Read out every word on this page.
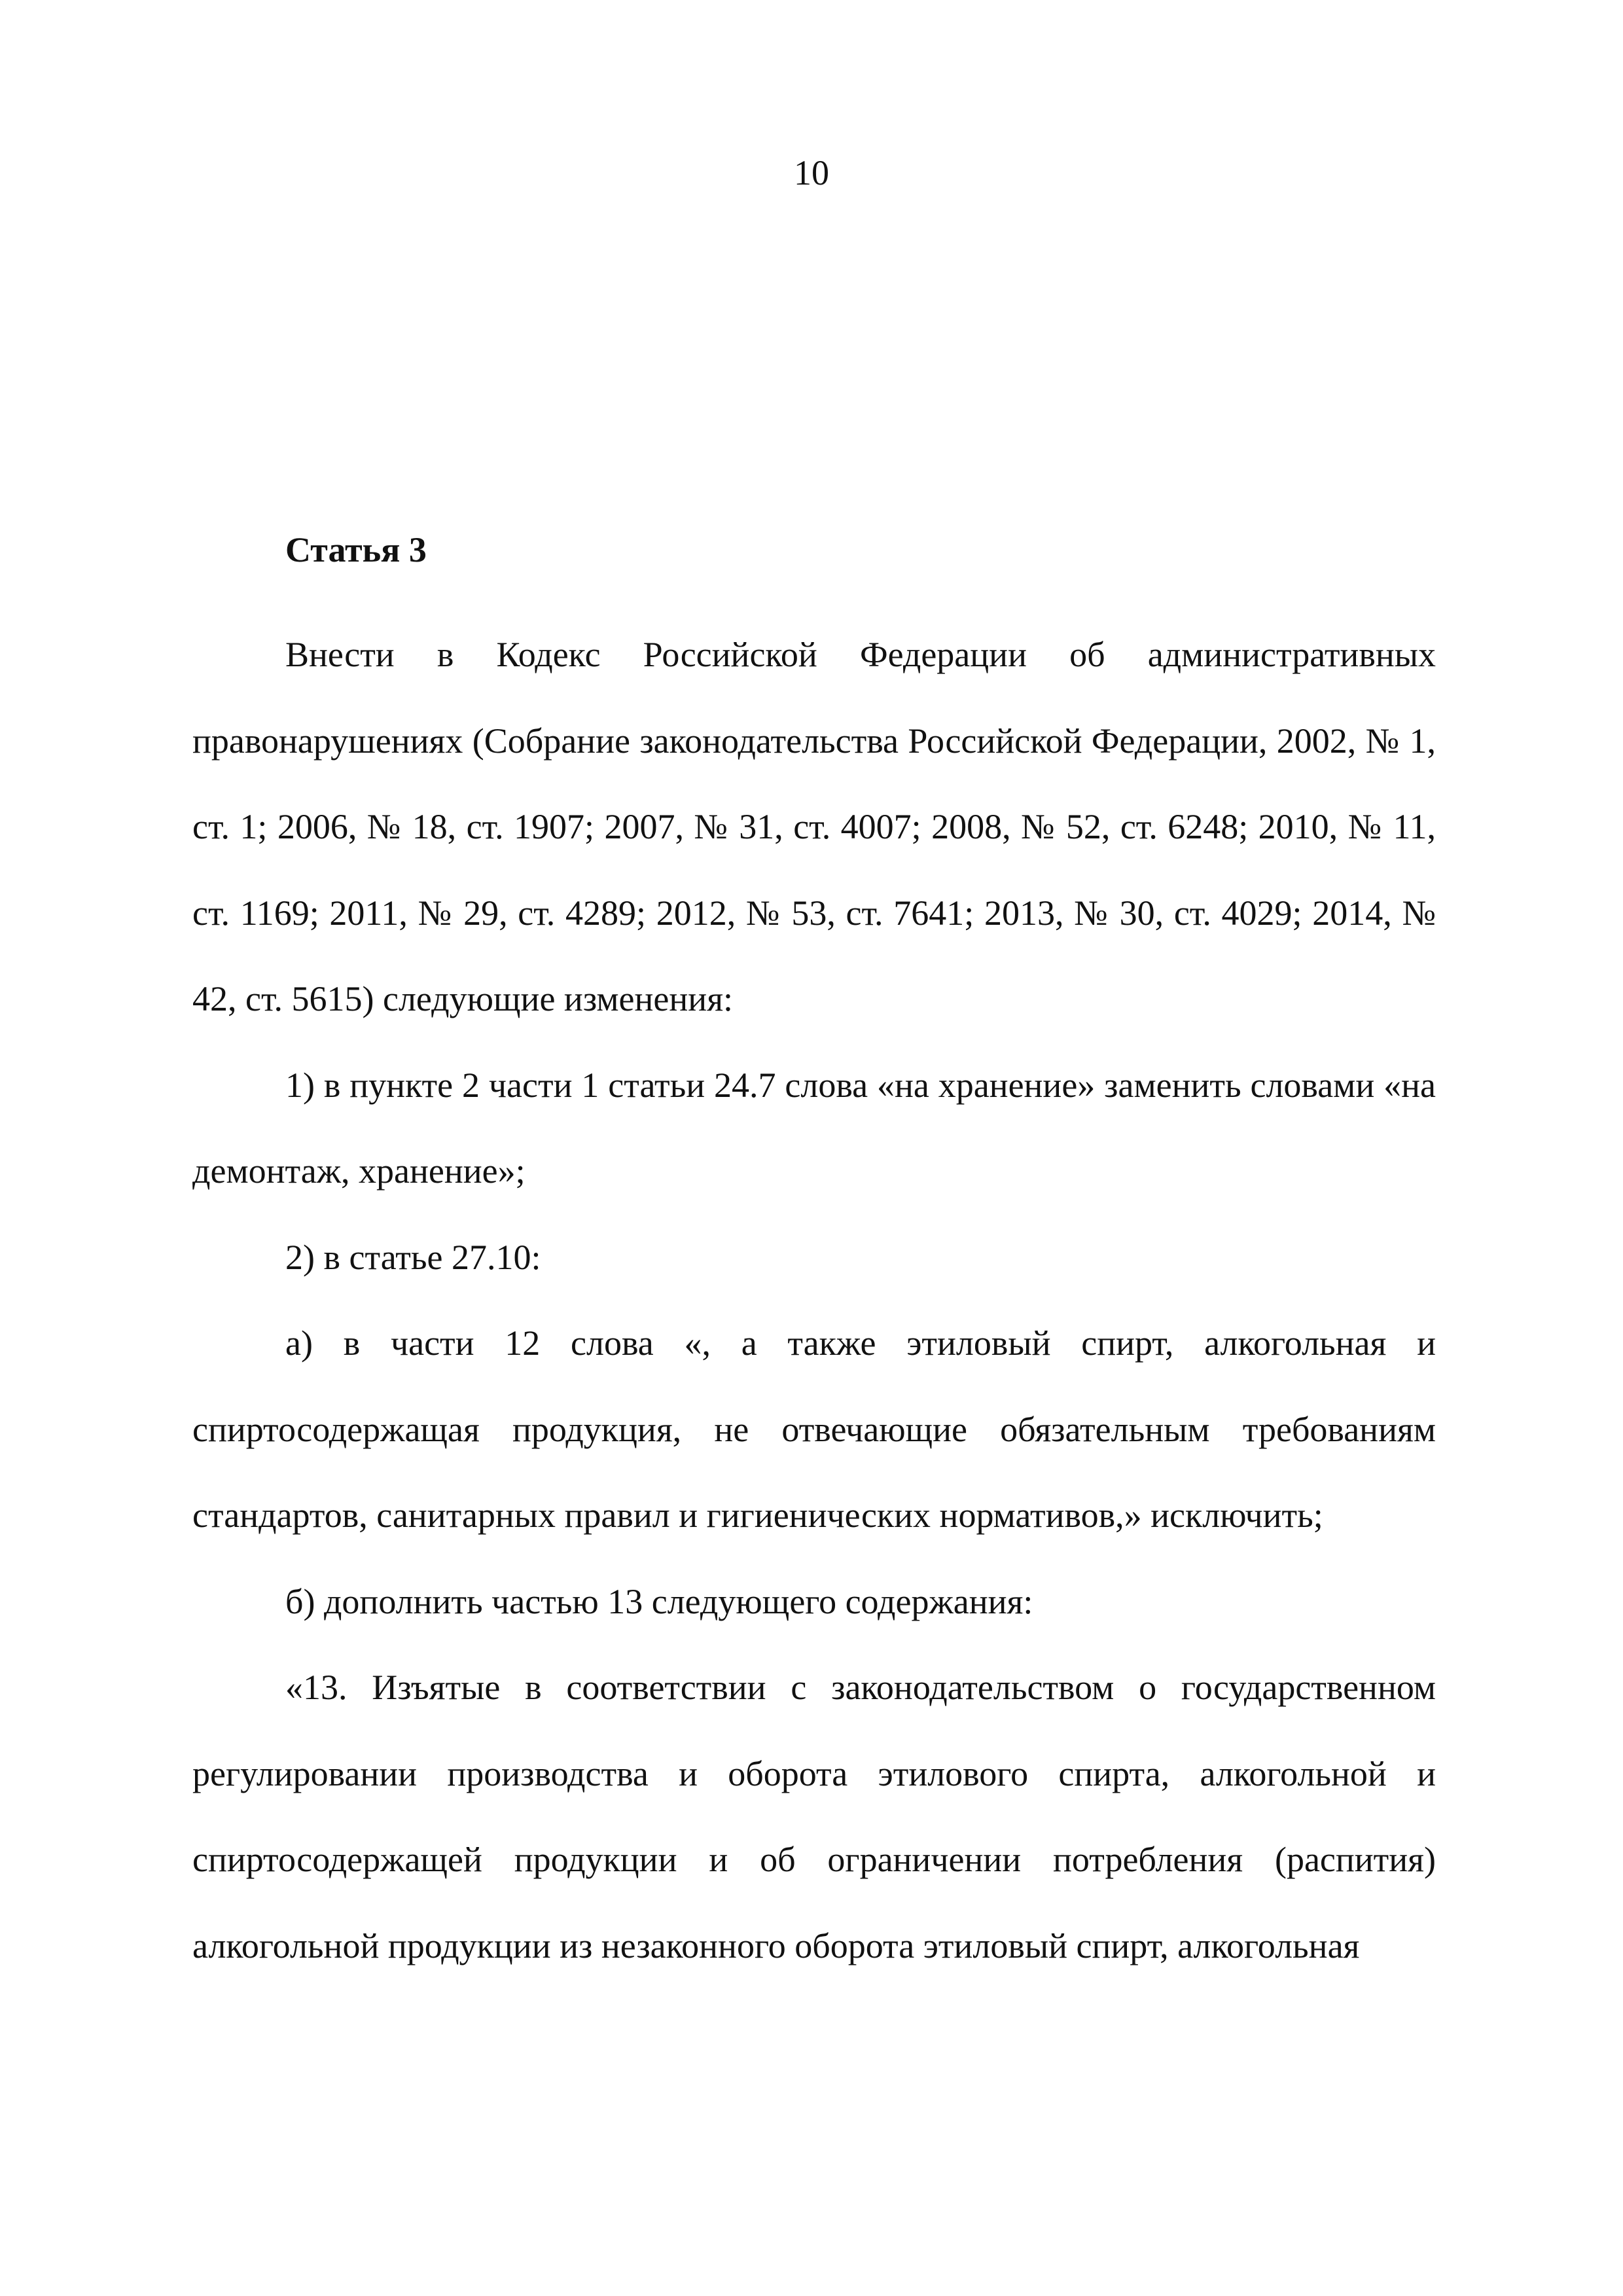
10
Статья 3

Внести в Кодекс Российской Федерации об административных правонарушениях (Собрание законодательства Российской Федерации, 2002, № 1, ст. 1; 2006, № 18, ст. 1907; 2007, № 31, ст. 4007; 2008, № 52, ст. 6248; 2010, № 11, ст. 1169; 2011, № 29, ст. 4289; 2012, № 53, ст. 7641; 2013, № 30, ст. 4029; 2014, № 42, ст. 5615) следующие изменения:

1) в пункте 2 части 1 статьи 24.7 слова «на хранение» заменить словами «на демонтаж, хранение»;

2) в статье 27.10:

а) в части 12 слова «, а также этиловый спирт, алкогольная и спиртосодержащая продукция, не отвечающие обязательным требованиям стандартов, санитарных правил и гигиенических нормативов,» исключить;

б) дополнить частью 13 следующего содержания:

«13. Изъятые в соответствии с законодательством о государственном регулировании производства и оборота этилового спирта, алкогольной и спиртосодержащей продукции и об ограничении потребления (распития) алкогольной продукции из незаконного оборота этиловый спирт, алкогольная
